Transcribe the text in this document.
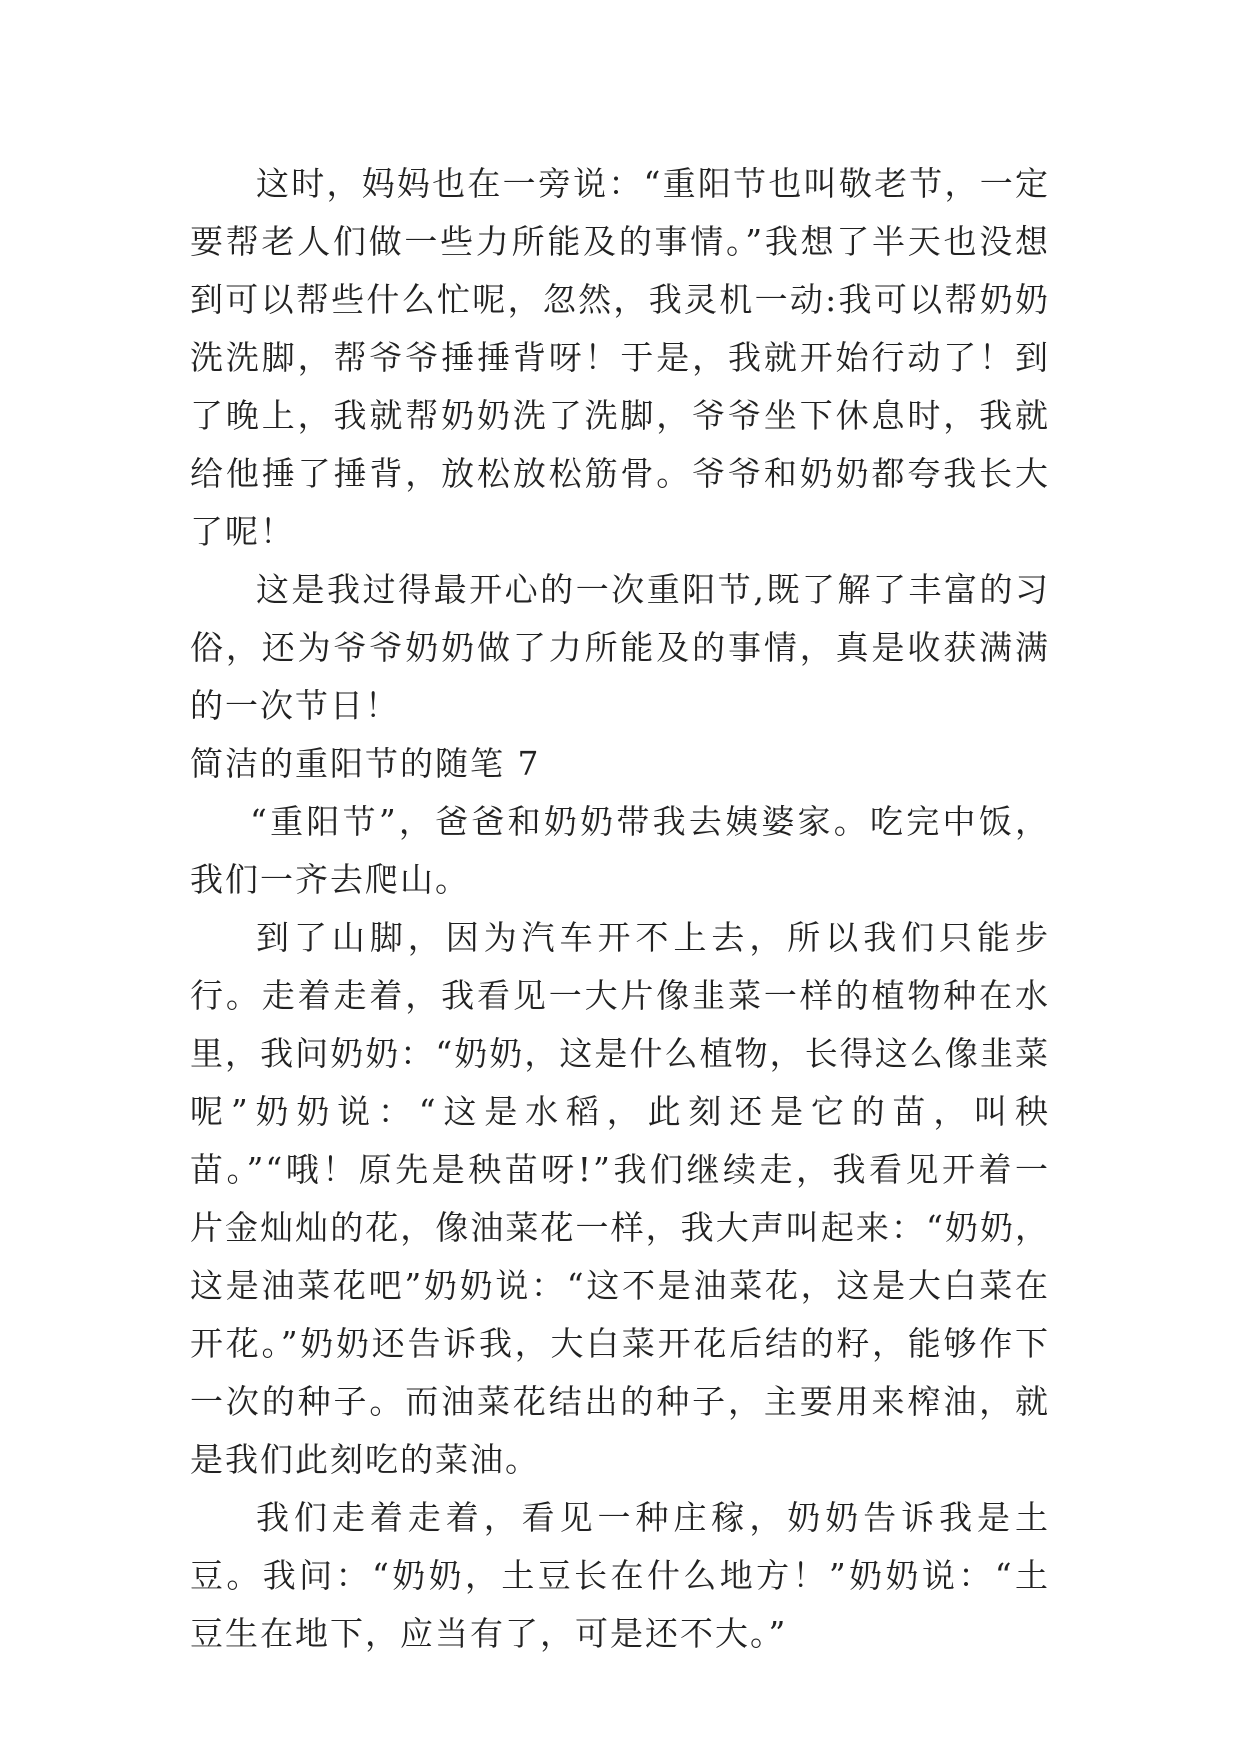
这时，妈妈也在一旁说：“重阳节也叫敬老节，一定要帮老人们做一些力所能及的事情。”我想了半天也没想到可以帮些什么忙呢，忽然，我灵机一动:我可以帮奶奶洗洗脚，帮爷爷捶捶背呀！于是，我就开始行动了！到了晚上，我就帮奶奶洗了洗脚，爷爷坐下休息时，我就给他捶了捶背，放松放松筋骨。爷爷和奶奶都夸我长大了呢！

这是我过得最开心的一次重阳节,既了解了丰富的习俗，还为爷爷奶奶做了力所能及的事情，真是收获满满的一次节日！

简洁的重阳节的随笔 7

“重阳节”，爸爸和奶奶带我去姨婆家。吃完中饭，我们一齐去爬山。

到了山脚，因为汽车开不上去，所以我们只能步行。走着走着，我看见一大片像韭菜一样的植物种在水里，我问奶奶：“奶奶，这是什么植物，长得这么像韭菜呢”奶奶说：“这是水稻，此刻还是它的苗，叫秧苗。”“哦！原先是秧苗呀!”我们继续走，我看见开着一片金灿灿的花，像油菜花一样，我大声叫起来：“奶奶，这是油菜花吧”奶奶说：“这不是油菜花，这是大白菜在开花。”奶奶还告诉我，大白菜开花后结的籽，能够作下一次的种子。而油菜花结出的种子，主要用来榨油，就是我们此刻吃的菜油。

我们走着走着，看见一种庄稼，奶奶告诉我是土豆。我问：“奶奶，土豆长在什么地方！”奶奶说：“土豆生在地下，应当有了，可是还不大。”
